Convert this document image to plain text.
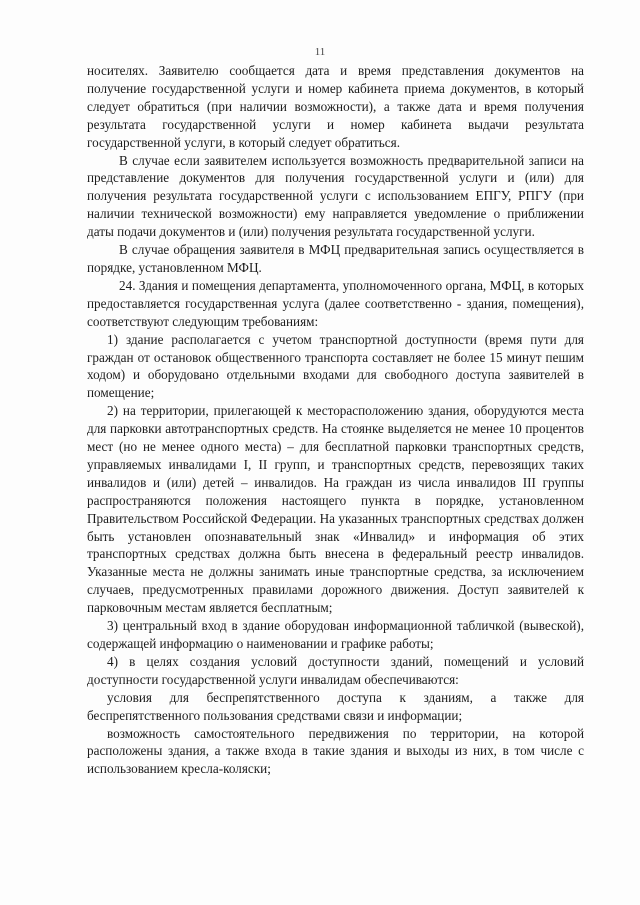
11

носителях. Заявителю сообщается дата и время представления документов на получение государственной услуги и номер кабинета приема документов, в который следует обратиться (при наличии возможности), а также дата и время получения результата государственной услуги и номер кабинета выдачи результата государственной услуги, в который следует обратиться.

В случае если заявителем используется возможность предварительной записи на представление документов для получения государственной услуги и (или) для получения результата государственной услуги с использованием ЕПГУ, РПГУ (при наличии технической возможности) ему направляется уведомление о приближении даты подачи документов и (или) получения результата государственной услуги.

В случае обращения заявителя в МФЦ предварительная запись осуществляется в порядке, установленном МФЦ.

24. Здания и помещения департамента, уполномоченного органа, МФЦ, в которых предоставляется государственная услуга (далее соответственно - здания, помещения), соответствуют следующим требованиям:

1) здание располагается с учетом транспортной доступности (время пути для граждан от остановок общественного транспорта составляет не более 15 минут пешим ходом) и оборудовано отдельными входами для свободного доступа заявителей в помещение;

2) на территории, прилегающей к месторасположению здания, оборудуются места для парковки автотранспортных средств. На стоянке выделяется не менее 10 процентов мест (но не менее одного места) – для бесплатной парковки транспортных средств, управляемых инвалидами I, II групп, и транспортных средств, перевозящих таких инвалидов и (или) детей – инвалидов. На граждан из числа инвалидов III группы распространяются положения настоящего пункта в порядке, установленном Правительством Российской Федерации. На указанных транспортных средствах должен быть установлен опознавательный знак «Инвалид» и информация об этих транспортных средствах должна быть внесена в федеральный реестр инвалидов. Указанные места не должны занимать иные транспортные средства, за исключением случаев, предусмотренных правилами дорожного движения. Доступ заявителей к парковочным местам является бесплатным;

3) центральный вход в здание оборудован информационной табличкой (вывеской), содержащей информацию о наименовании и графике работы;

4) в целях создания условий доступности зданий, помещений и условий доступности государственной услуги инвалидам обеспечиваются:

условия для беспрепятственного доступа к зданиям, а также для беспрепятственного пользования средствами связи и информации;

возможность самостоятельного передвижения по территории, на которой расположены здания, а также входа в такие здания и выходы из них, в том числе с использованием кресла-коляски;
